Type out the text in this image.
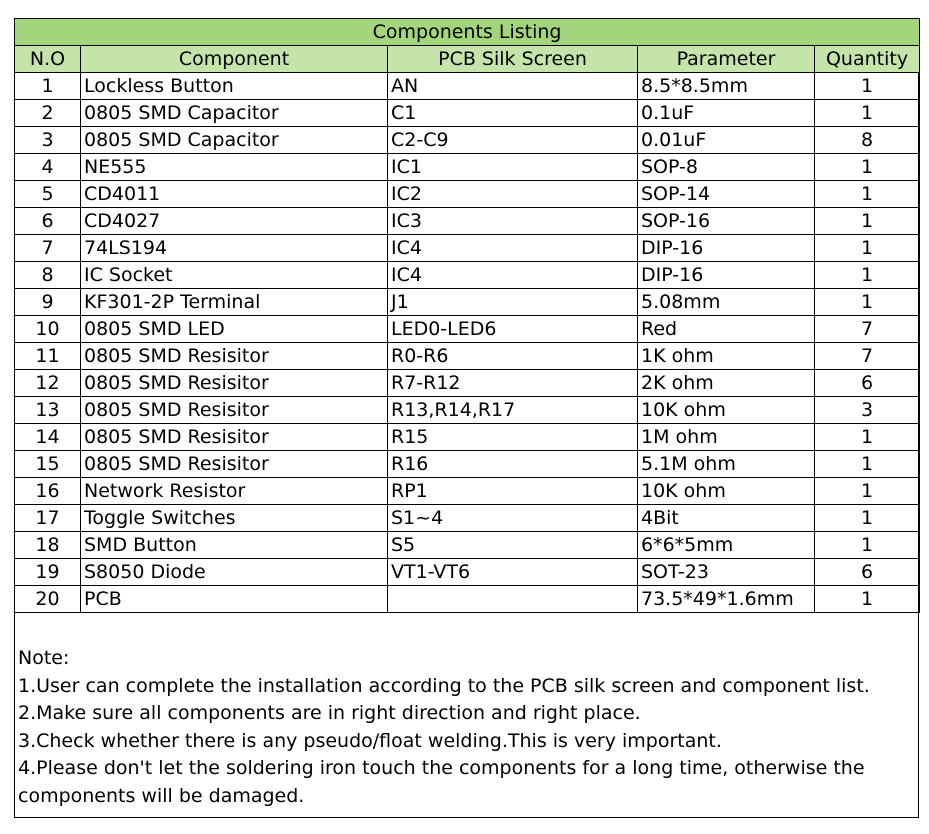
Components Listing				
N.O	Component	PCB Silk Screen	Parameter	Quantity
1	Lockless Button	AN	8.5*8.5mm	1
2	0805 SMD Capacitor	C1	0.1uF	1
3	0805 SMD Capacitor	C2-C9	0.01uF	8
4	NE555	IC1	SOP-8	1
5	CD4011	IC2	SOP-14	1
6	CD4027	IC3	SOP-16	1
7	74LS194	IC4	DIP-16	1
8	IC Socket	IC4	DIP-16	1
9	KF301-2P Terminal	J1	5.08mm	1
10	0805 SMD LED	LED0-LED6	Red	7
11	0805 SMD Resisitor	R0-R6	1K ohm	7
12	0805 SMD Resisitor	R7-R12	2K ohm	6
13	0805 SMD Resisitor	R13,R14,R17	10K ohm	3
14	0805 SMD Resisitor	R15	1M ohm	1
15	0805 SMD Resisitor	R16	5.1M ohm	1
16	Network Resistor	RP1	10K ohm	1
17	Toggle Switches	S1~4	4Bit	1
18	SMD Button	S5	6*6*5mm	1
19	S8050 Diode	VT1-VT6	SOT-23	6
20	PCB		73.5*49*1.6mm	1
Note:
1.User can complete the installation according to the PCB silk screen and component list.
2.Make sure all components are in right direction and right place.
3.Check whether there is any pseudo/float welding.This is very important.
4.Please don't let the soldering iron touch the components for a long time, otherwise the components will be damaged.
